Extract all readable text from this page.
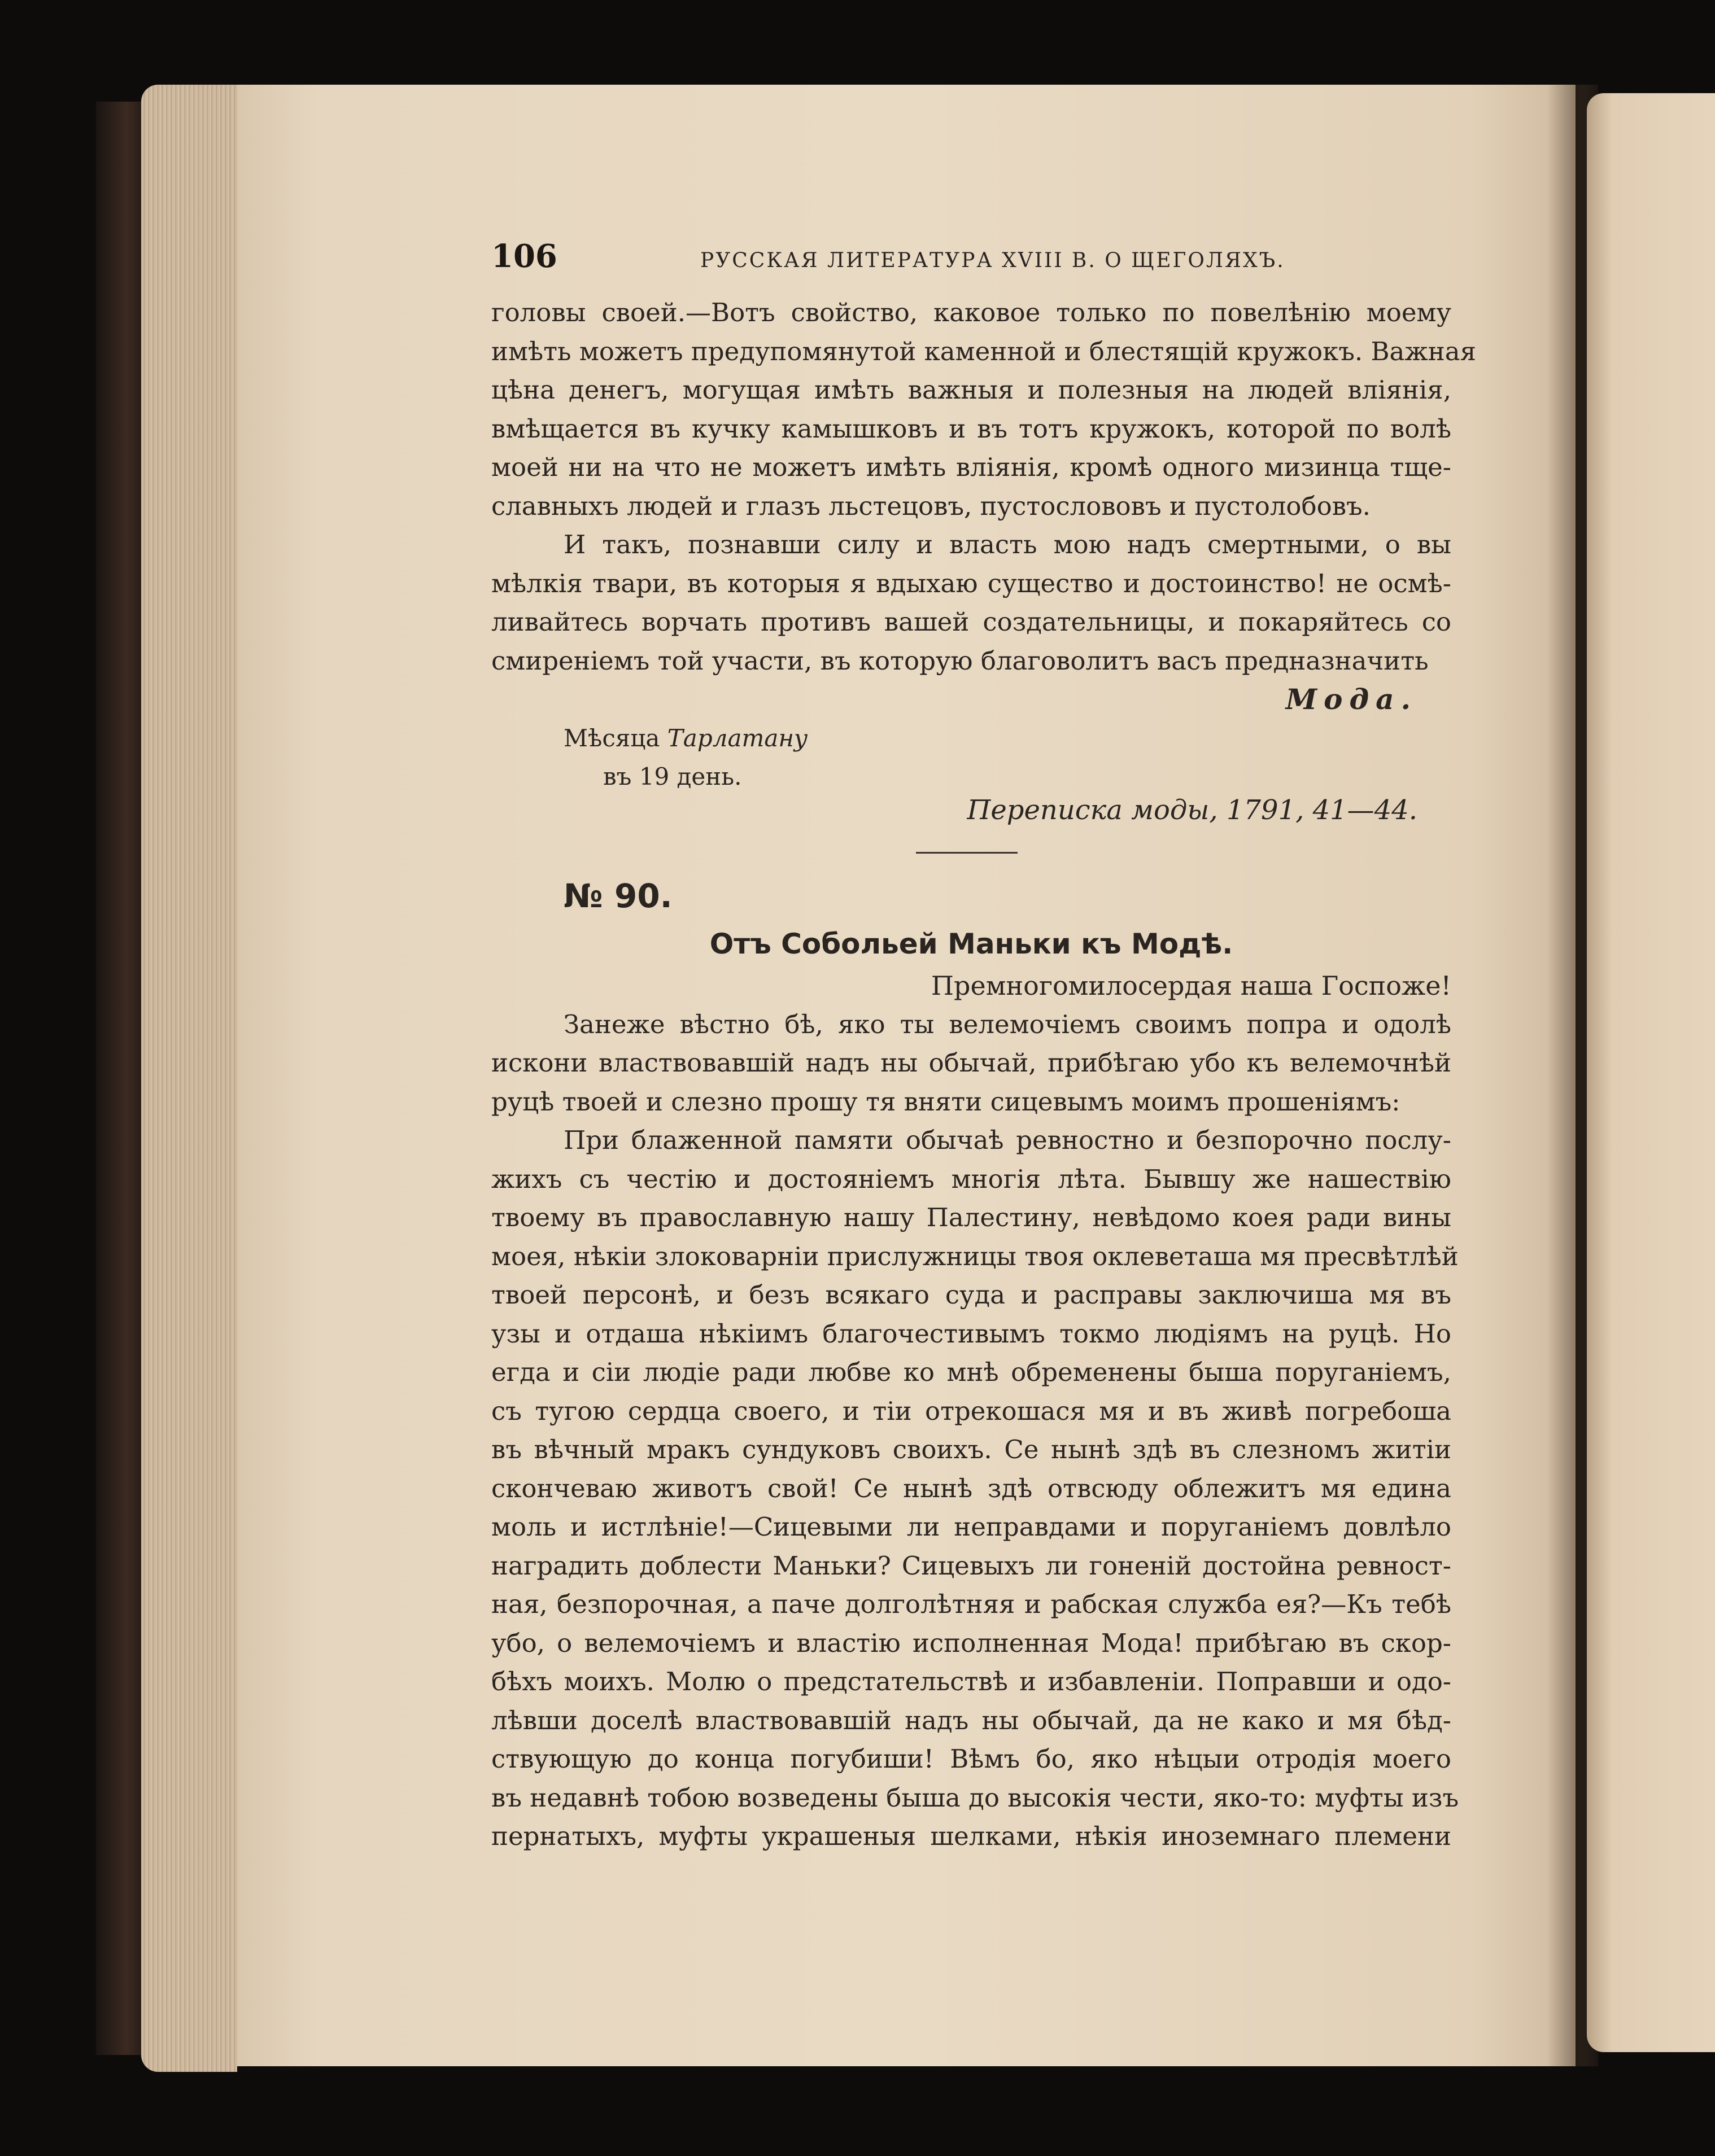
106	РУССКАЯ ЛИТЕРАТУРА XVIII В. О ЩЕГОЛЯХЪ.
головы своей.—Вотъ свойство, каковое только по повелѣнію моему
имѣть можетъ предупомянутой каменной и блестящій кружокъ. Важная
цѣна денегъ, могущая имѣть важныя и полезныя на людей влiянія,
вмѣщается въ кучку камышковъ и въ тотъ кружокъ, которой по волѣ
моей ни на что не можетъ имѣть вліянія, кромѣ одного мизинца тще-
славныхъ людей и глазъ льстецовъ, пустослововъ и пустолобовъ.
И такъ, познавши силу и власть мою надъ смертными, о вы
мѣлкія твари, въ которыя я вдыхаю существо и достоинство! не осмѣ-
ливайтесь ворчать противъ вашей создательницы, и покаряйтесь со
смиреніемъ той участи, въ которую благоволитъ васъ предназначить
Мода.
Мѣсяца Тарлатану
въ 19 день.
Переписка моды, 1791, 41—44.
№ 90.
Отъ Собольей Маньки къ Модѣ.
Премногомилосердая наша Госпоже!
Занеже вѣстно бѣ, яко ты велемочіемъ своимъ попра и одолѣ
искони властвовавшій надъ ны обычай, прибѣгаю убо къ велемочнѣй
руцѣ твоей и слезно прошу тя вняти сицевымъ моимъ прошеніямъ:
При блаженной памяти обычаѣ ревностно и безпорочно послу-
жихъ съ честію и достояніемъ многія лѣта. Бывшу же нашествію
твоему въ православную нашу Палестину, невѣдомо коея ради вины
моея, нѣкіи злоковарніи прислужницы твоя оклеветаша мя пресвѣтлѣй
твоей персонѣ, и безъ всякаго суда и расправы заключиша мя въ
узы и отдаша нѣкіимъ благочестивымъ токмо людіямъ на руцѣ. Но
егда и сіи людіе ради любве ко мнѣ обременены быша поруганіемъ,
съ тугою сердца своего, и тіи отрекошася мя и въ живѣ погребоша
въ вѣчный мракъ сундуковъ своихъ. Се нынѣ здѣ въ слезномъ житіи
скончеваю животъ свой! Се нынѣ здѣ отвсюду облежитъ мя едина
моль и истлѣніе!—Сицевыми ли неправдами и поруганіемъ довлѣло
наградить доблести Маньки? Сицевыхъ ли гоненій достойна ревност-
ная, безпорочная, а паче долголѣтняя и рабская служба ея?—Къ тебѣ
убо, о велемочіемъ и властію исполненная Мода! прибѣгаю въ скор-
бѣхъ моихъ. Молю о предстательствѣ и избавленіи. Поправши и одо-
лѣвши доселѣ властвовавшій надъ ны обычай, да не како и мя бѣд-
ствующую до конца погубиши! Вѣмъ бо, яко нѣцыи отродія моего
въ недавнѣ тобою возведены быша до высокія чести, яко-то: муфты изъ
пернатыхъ, муфты украшеныя шелками, нѣкія иноземнаго племени
